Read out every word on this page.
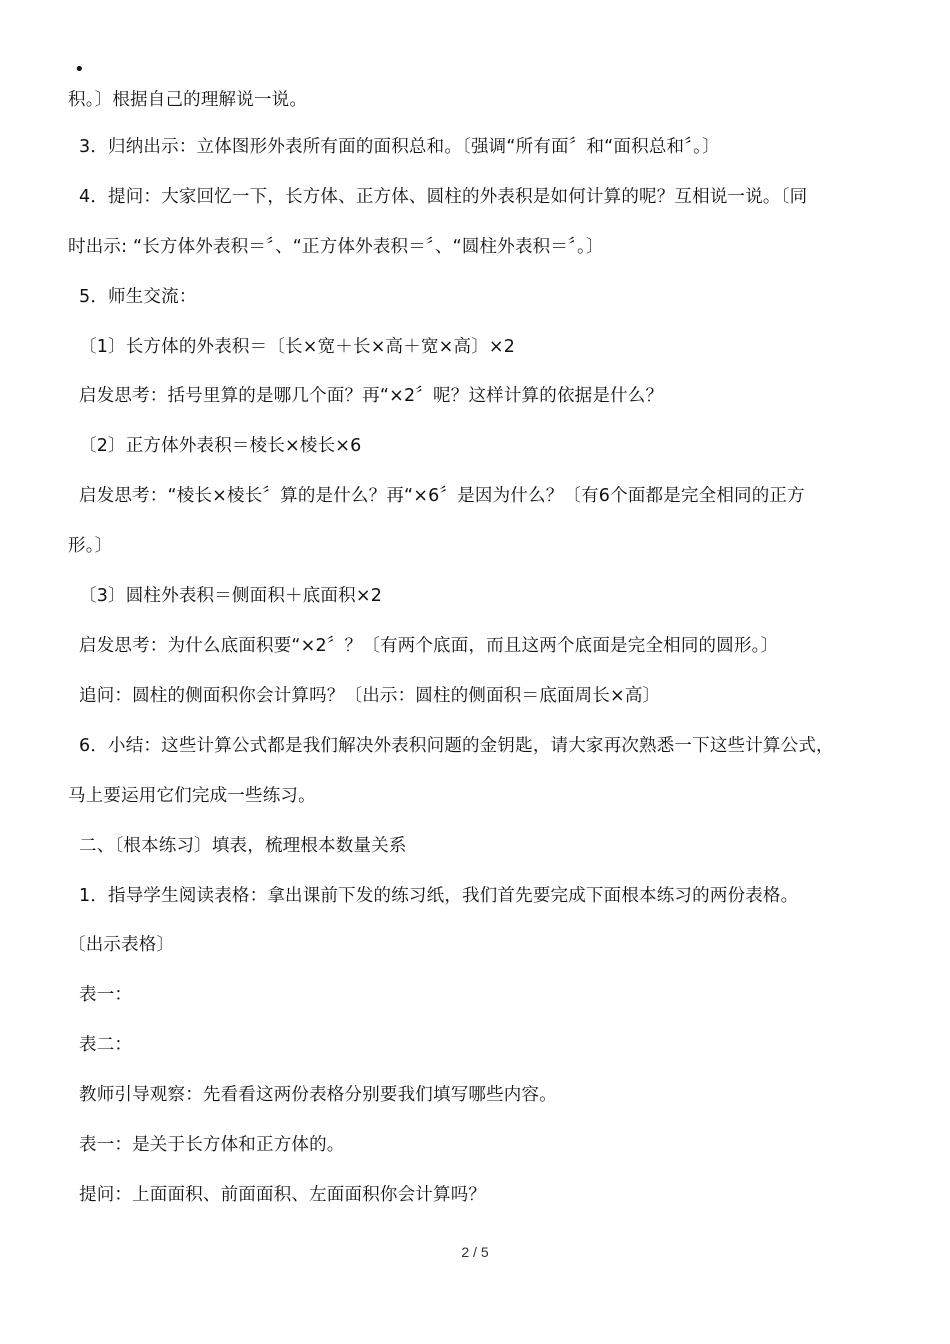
•
积。〕根据自己的理解说一说。
3．归纳出示：立体图形外表所有面的面积总和。〔强调“所有面〞和“面积总和〞。〕
4．提问：大家回忆一下，长方体、正方体、圆柱的外表积是如何计算的呢？互相说一说。〔同
时出示: “长方体外表积＝〞、“正方体外表积＝〞、“圆柱外表积＝〞。〕
5．师生交流：
〔1〕长方体的外表积＝〔长×宽＋长×高＋宽×高〕×2
启发思考：括号里算的是哪几个面？再“×2〞呢？这样计算的依据是什么？
〔2〕正方体外表积＝棱长×棱长×6
启发思考：“棱长×棱长〞算的是什么？再“×6〞是因为什么？〔有6个面都是完全相同的正方
形。〕
〔3〕圆柱外表积＝侧面积＋底面积×2
启发思考：为什么底面积要“×2〞？〔有两个底面，而且这两个底面是完全相同的圆形。〕
追问：圆柱的侧面积你会计算吗？〔出示：圆柱的侧面积＝底面周长×高〕
6．小结：这些计算公式都是我们解决外表积问题的金钥匙，请大家再次熟悉一下这些计算公式，
马上要运用它们完成一些练习。
二、〔根本练习〕填表，梳理根本数量关系
1．指导学生阅读表格：拿出课前下发的练习纸，我们首先要完成下面根本练习的两份表格。
〔出示表格〕
表一：
表二：
教师引导观察：先看看这两份表格分别要我们填写哪些内容。
表一：是关于长方体和正方体的。
提问：上面面积、前面面积、左面面积你会计算吗？
2 / 5
